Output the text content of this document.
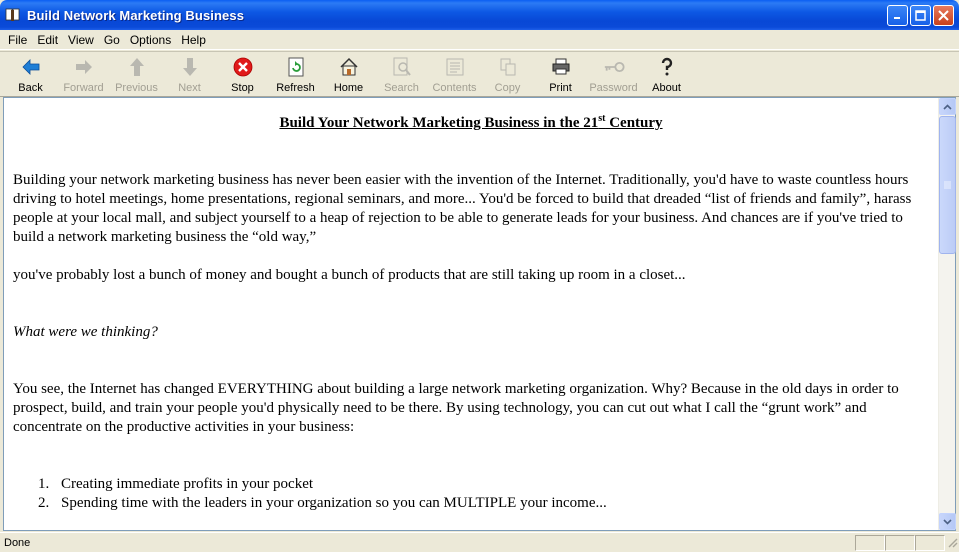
Build Network Marketing Business
File Edit View Go Options Help
Back Forward Previous Next	Stop Refresh Home Search Contents Copy	Print Password About
Build Your Network Marketing Business in the 21st Century

Building your network marketing business has never been easier with the invention of the Internet. Traditionally, you'd have to waste countless hours driving to hotel meetings, home presentations, regional seminars, and more... You'd be forced to build that dreaded “list of friends and family”, harass people at your local mall, and subject yourself to a heap of rejection to be able to generate leads for your business. And chances are if you've tried to build a network marketing business the “old way,”

you've probably lost a bunch of money and bought a bunch of products that are still taking up room in a closet...

What were we thinking?

You see, the Internet has changed EVERYTHING about building a large network marketing organization. Why? Because in the old days in order to prospect, build, and train your people you'd physically need to be there. By using technology, you can cut out what I call the “grunt work” and concentrate on the productive activities in your business:

1. Creating immediate profits in your pocket
2. Spending time with the leaders in your organization so you can MULTIPLE your income...
Done
